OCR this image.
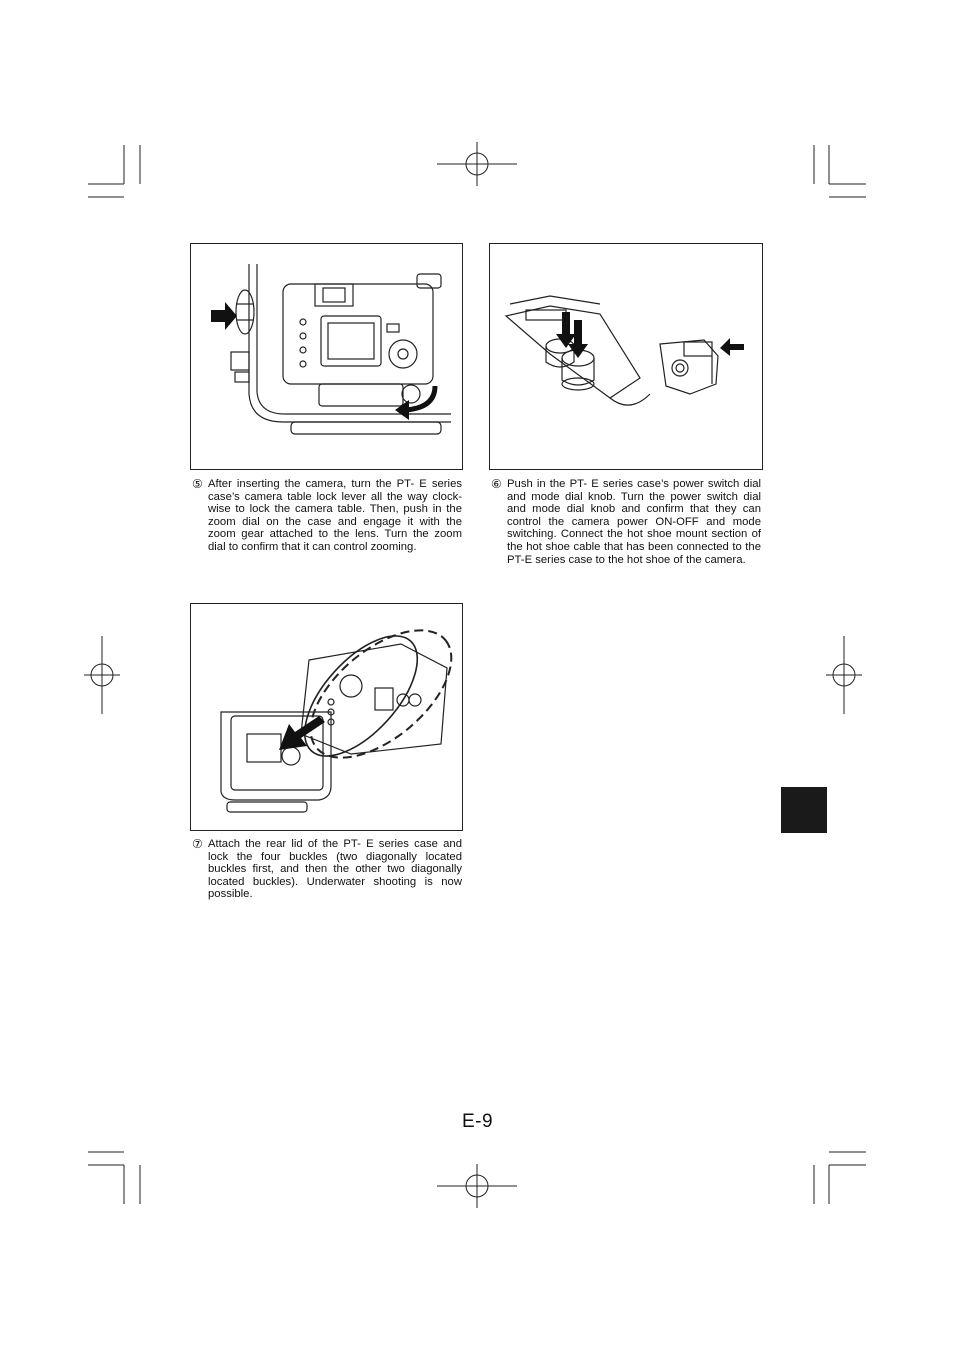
⑤ After inserting the camera, turn the PT- E series case’s camera table lock lever all the way clock-wise to lock the camera table. Then, push in the zoom dial on the case and engage it with the zoom gear attached to the lens. Turn the zoom dial to confirm that it can control zooming.
⑥ Push in the PT- E series case’s power switch dial and mode dial knob. Turn the power switch dial and mode dial knob and confirm that they can control the camera power ON-OFF and mode switching. Connect the hot shoe mount section of the hot shoe cable that has been connected to the PT-E series case to the hot shoe of the camera.
⑦ Attach the rear lid of the PT- E series case and lock the four buckles (two diagonally located buckles first, and then the other two diagonally located buckles). Underwater shooting is now possible.
E-9
